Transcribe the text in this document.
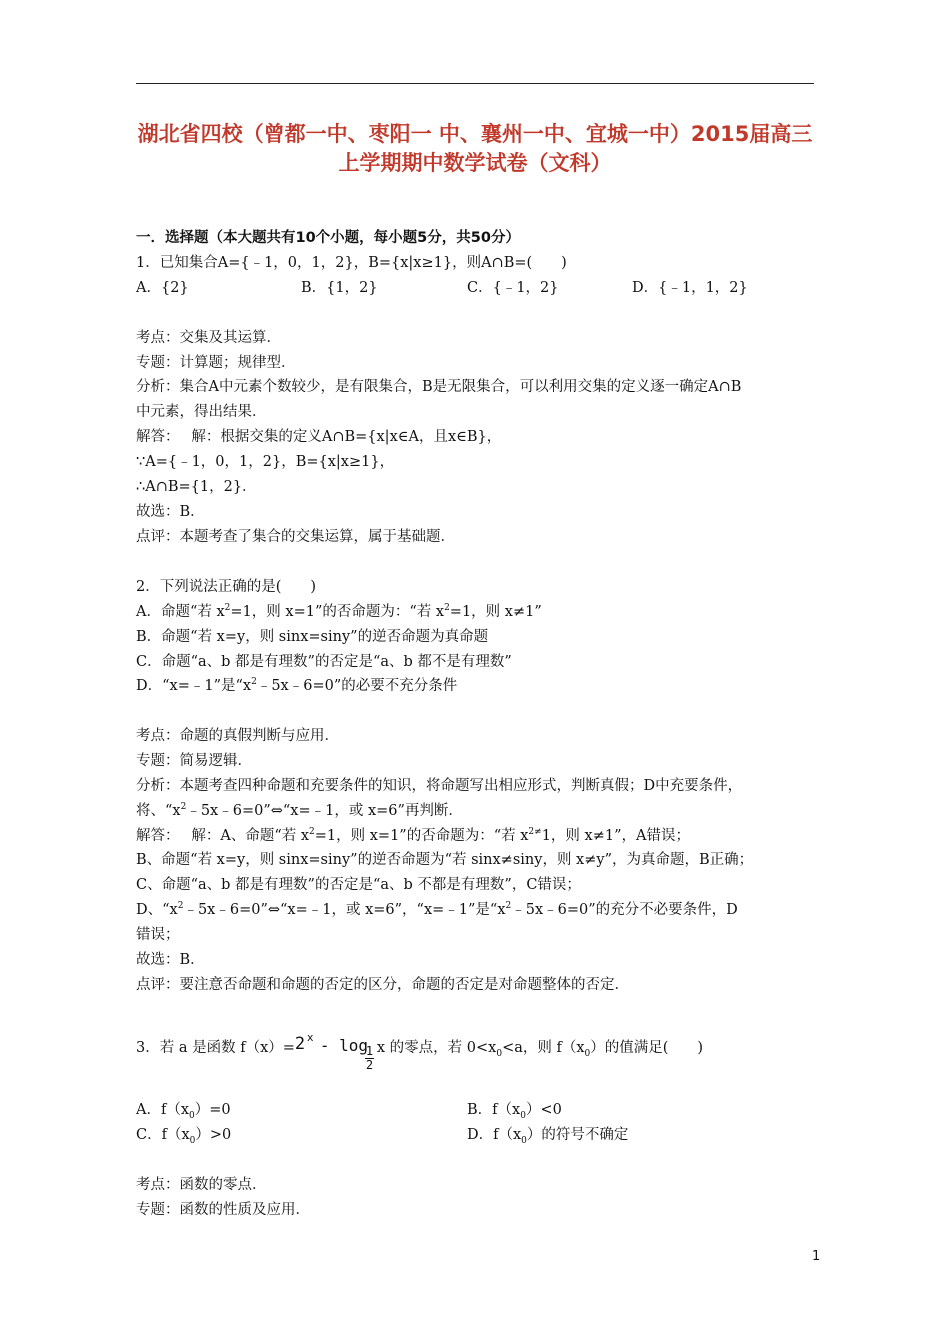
湖北省四校（曾都一中、枣阳一 中、襄州一中、宜城一中）2015届高三
上学期期中数学试卷（文科）
一．选择题（本大题共有10个小题，每小题5分，共50分）
1．已知集合A={﹣1，0，1，2}，B={x|x≥1}，则A∩B=(　　)
A．{2}	B．{1，2}	C．{﹣1，2}	D．{﹣1，1，2}
考点：交集及其运算．
专题：计算题；规律型．
分析：集合A中元素个数较少，是有限集合，B是无限集合，可以利用交集的定义逐一确定A∩B
中元素，得出结果．
解答：　 解：根据交集的定义A∩B={x|x∈A，且x∈B}，
∵A={﹣1，0，1，2}，B={x|x≥1}，
∴A∩B={1，2}．
故选：B．
点评：本题考查了集合的交集运算，属于基础题．
2．下列说法正确的是(　　)
A．命题“若 $x^2=1$，则 x=1”的否命题为：“若 $x^2=1$，则 x≠1”
B．命题“若 x=y，则 sinx=siny”的逆否命题为真命题
C．命题“a、b 都是有理数”的否定是“a、b 都不是有理数”
D．“x=﹣1”是“$x^2﹣5x﹣6=0$”的必要不充分条件
考点：命题的真假判断与应用．
专题：简易逻辑．
分析：本题考查四种命题和充要条件的知识，将命题写出相应形式，判断真假；D中充要条件，
将、“$x^2﹣5x﹣6=0”\Leftrightarrow“x=﹣1$，或 x=6”再判断．
解答：　 解：A、命题“若 $x^2=1$，则 x=1”的否命题为：“若 $x^{2\ne}1$，则 x≠1”，A错误；
B、命题“若 x=y，则 sinx=siny”的逆否命题为“若 sinx≠siny，则 x≠y”，为真命题，B正确；
C、命题“a、b 都是有理数”的否定是“a、b 不都是有理数”，C错误；
D、“$x^2﹣5x﹣6=0”\Leftrightarrow“x=﹣1$，或 x=6”，“x=﹣1”是“$x^2﹣5x﹣6=0$”的充分不必要条件，D
错误；
故选：B．
点评：要注意否命题和命题的否定的区分，命题的否定是对命题整体的否定．
3．若 a 是函数 f（x）= 2 x - log
$\frac{1}{2}$ x 的零点，若 $0<x_0<a$，则 $f(x_0)$的值满足(　　)
A．$f(x_0)=0$	B．$f(x_0)<0$
C．$f(x_0)>0$	D．$f(x_0)$的符号不确定
考点：函数的零点．
专题：函数的性质及应用．
1
